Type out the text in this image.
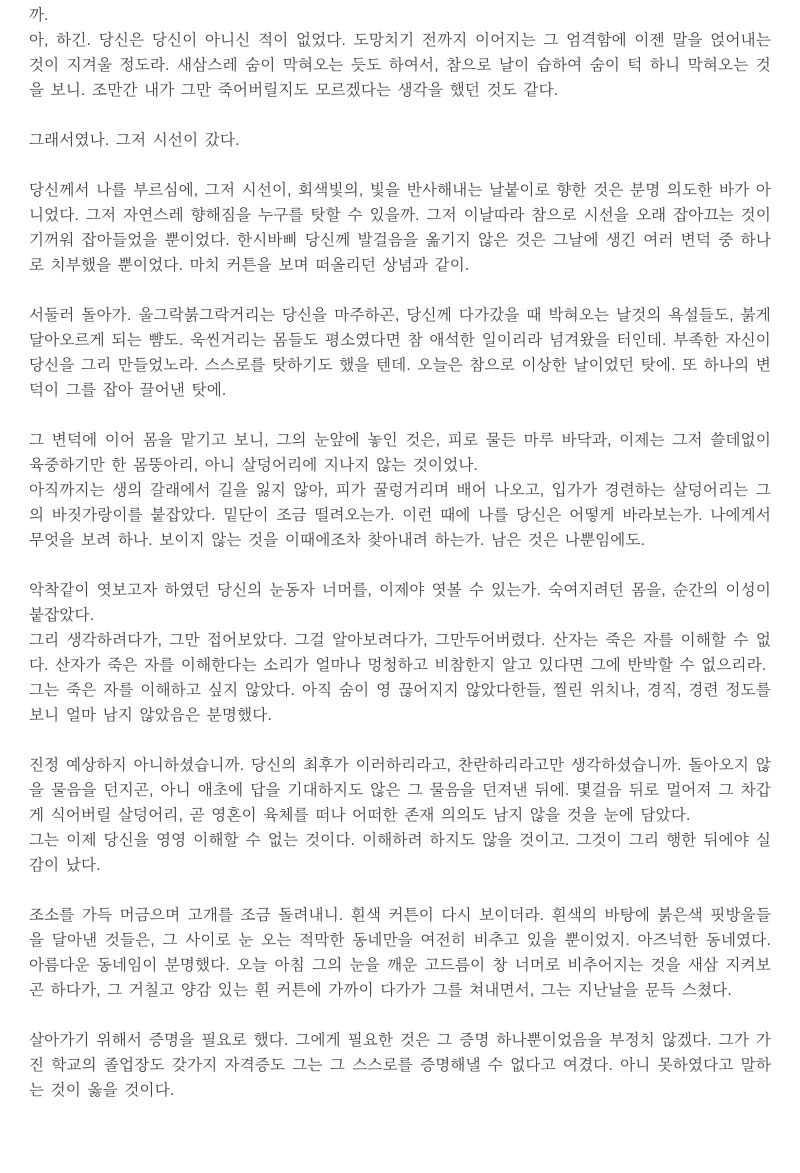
까.

아, 하긴. 당신은 당신이 아니신 적이 없었다. 도망치기 전까지 이어지는 그 엄격함에 이젠 말을 얹어내는 것이 지겨울 정도라. 새삼스레 숨이 막혀오는 듯도 하여서, 참으로 날이 습하여 숨이 턱 하니 막혀오는 것을 보니. 조만간 내가 그만 죽어버릴지도 모르겠다는 생각을 했던 것도 같다.

그래서였나. 그저 시선이 갔다.

당신께서 나를 부르심에, 그저 시선이, 회색빛의, 빛을 반사해내는 날붙이로 향한 것은 분명 의도한 바가 아니었다. 그저 자연스레 향해짐을 누구를 탓할 수 있을까. 그저 이날따라 참으로 시선을 오래 잡아끄는 것이 기꺼워 잡아들었을 뿐이었다. 한시바삐 당신께 발걸음을 옮기지 않은 것은 그날에 생긴 여러 변덕 중 하나로 치부했을 뿐이었다. 마치 커튼을 보며 떠올리던 상념과 같이.

서둘러 돌아가. 울그락붉그락거리는 당신을 마주하곤, 당신께 다가갔을 때 박혀오는 날것의 욕설들도, 붉게 달아오르게 되는 뺨도. 욱씬거리는 몸들도 평소였다면 참 애석한 일이리라 넘겨왔을 터인데. 부족한 자신이 당신을 그리 만들었노라. 스스로를 탓하기도 했을 텐데. 오늘은 참으로 이상한 날이었던 탓에. 또 하나의 변덕이 그를 잡아 끌어낸 탓에.

그 변덕에 이어 몸을 맡기고 보니, 그의 눈앞에 놓인 것은, 피로 물든 마루 바닥과, 이제는 그저 쓸데없이 육중하기만 한 몸뚱아리, 아니 살덩어리에 지나지 않는 것이었나.

아직까지는 생의 갈래에서 길을 잃지 않아, 피가 꿀렁거리며 배어 나오고, 입가가 경련하는 살덩어리는 그의 바짓가랑이를 붙잡았다. 밑단이 조금 떨려오는가. 이런 때에 나를 당신은 어떻게 바라보는가. 나에게서 무엇을 보려 하나. 보이지 않는 것을 이때에조차 찾아내려 하는가. 남은 것은 나뿐임에도.

악착같이 엿보고자 하였던 당신의 눈동자 너머를, 이제야 엿볼 수 있는가. 숙여지려던 몸을, 순간의 이성이 붙잡았다.

그리 생각하려다가, 그만 접어보았다. 그걸 알아보려다가, 그만두어버렸다. 산자는 죽은 자를 이해할 수 없다. 산자가 죽은 자를 이해한다는 소리가 얼마나 멍청하고 비참한지 알고 있다면 그에 반박할 수 없으리라.

그는 죽은 자를 이해하고 싶지 않았다. 아직 숨이 영 끊어지지 않았다한들, 찔린 위치나, 경직, 경련 정도를 보니 얼마 남지 않았음은 분명했다.

진정 예상하지 아니하셨습니까. 당신의 최후가 이러하리라고, 찬란하리라고만 생각하셨습니까. 돌아오지 않을 물음을 던지곤, 아니 애초에 답을 기대하지도 않은 그 물음을 던져낸 뒤에. 몇걸음 뒤로 멀어져 그 차갑게 식어버릴 살덩어리, 곧 영혼이 육체를 떠나 어떠한 존재 의의도 남지 않을 것을 눈에 담았다.

그는 이제 당신을 영영 이해할 수 없는 것이다. 이해하려 하지도 않을 것이고. 그것이 그리 행한 뒤에야 실감이 났다.

조소를 가득 머금으며 고개를 조금 돌려내니. 흰색 커튼이 다시 보이더라. 흰색의 바탕에 붉은색 핏방울들을 달아낸 것들은, 그 사이로 눈 오는 적막한 동네만을 여전히 비추고 있을 뿐이었지. 아즈넉한 동네였다. 아름다운 동네임이 분명했다. 오늘 아침 그의 눈을 깨운 고드름이 창 너머로 비추어지는 것을 새삼 지켜보곤 하다가, 그 거칠고 양감 있는 흰 커튼에 가까이 다가가 그를 쳐내면서, 그는 지난날을 문득 스쳤다.

살아가기 위해서 증명을 필요로 했다. 그에게 필요한 것은 그 증명 하나뿐이었음을 부정치 않겠다. 그가 가진 학교의 졸업장도 갖가지 자격증도 그는 그 스스로를 증명해낼 수 없다고 여겼다. 아니 못하였다고 말하는 것이 옳을 것이다.
